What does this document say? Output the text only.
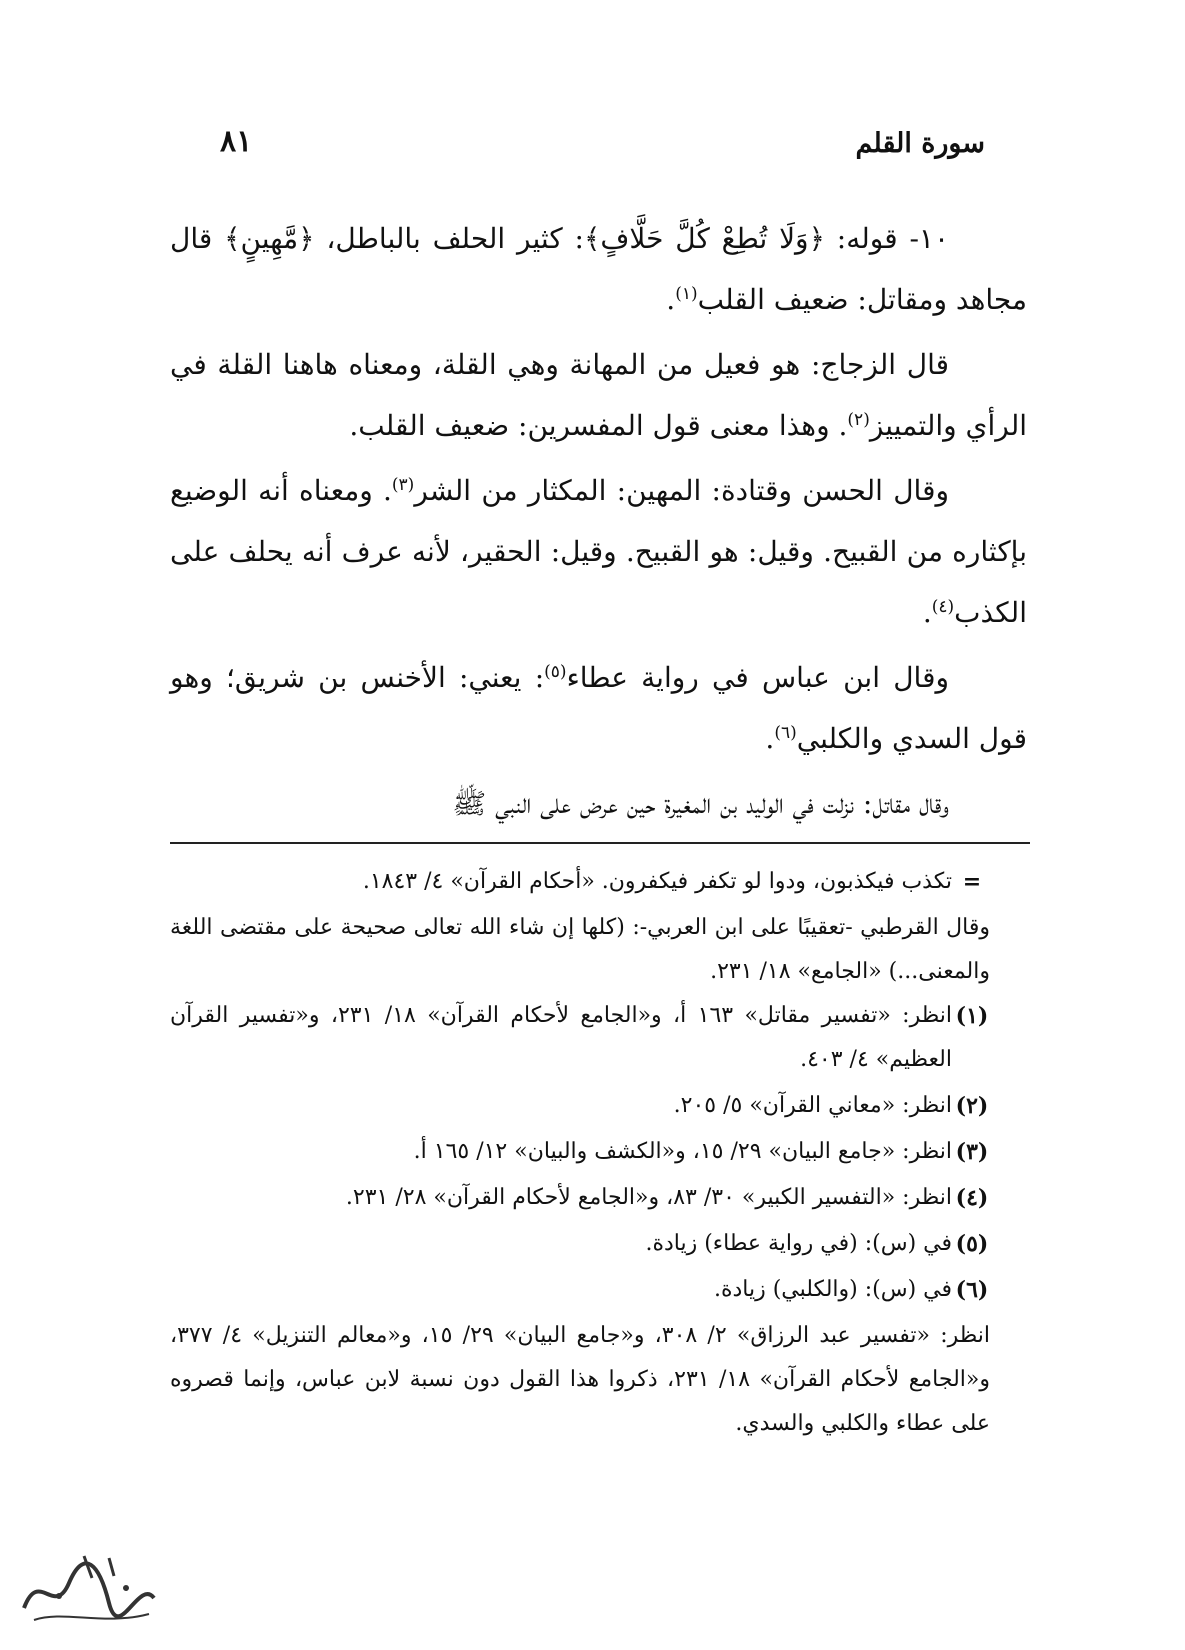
سورة القلم
٨١

١٠- قوله: ﴿وَلَا تُطِعْ كُلَّ حَلَّافٍ﴾: كثير الحلف بالباطل، ﴿مَّهِينٍ﴾ قال مجاهد ومقاتل: ضعيف القلب$^{(١)}$.

قال الزجاج: هو فعيل من المهانة وهي القلة، ومعناه هاهنا القلة في الرأي والتمييز$^{(٢)}$. وهذا معنى قول المفسرين: ضعيف القلب.

وقال الحسن وقتادة: المهين: المكثار من الشر$^{(٣)}$. ومعناه أنه الوضيع بإكثاره من القبيح. وقيل: هو القبيح. وقيل: الحقير، لأنه عرف أنه يحلف على الكذب$^{(٤)}$.

وقال ابن عباس في رواية عطاء$^{(٥)}$: يعني: الأخنس بن شريق؛ وهو قول السدي والكلبي$^{(٦)}$.

وقال مقاتل: نزلت في الوليد بن المغيرة حين عرض على النبي ﷺ

=
تكذب فيكذبون، ودوا لو تكفر فيكفرون. «أحكام القرآن» ٤/ ١٨٤٣.
وقال القرطبي -تعقيبًا على ابن العربي-: (كلها إن شاء الله تعالى صحيحة على مقتضى اللغة والمعنى...) «الجامع» ١٨/ ٢٣١.
(١)
انظر: «تفسير مقاتل» ١٦٣ أ، و«الجامع لأحكام القرآن» ١٨/ ٢٣١، و«تفسير القرآن العظيم» ٤/ ٤٠٣.
(٢)
انظر: «معاني القرآن» ٥/ ٢٠٥.
(٣)
انظر: «جامع البيان» ٢٩/ ١٥، و«الكشف والبيان» ١٢/ ١٦٥ أ.
(٤)
انظر: «التفسير الكبير» ٣٠/ ٨٣، و«الجامع لأحكام القرآن» ٢٨/ ٢٣١.
(٥)
في (س): (في رواية عطاء) زيادة.
(٦)
في (س): (والكلبي) زيادة.
انظر: «تفسير عبد الرزاق» ٢/ ٣٠٨، و«جامع البيان» ٢٩/ ١٥، و«معالم التنزيل» ٤/ ٣٧٧، و«الجامع لأحكام القرآن» ١٨/ ٢٣١، ذكروا هذا القول دون نسبة لابن عباس، وإنما قصروه على عطاء والكلبي والسدي.
